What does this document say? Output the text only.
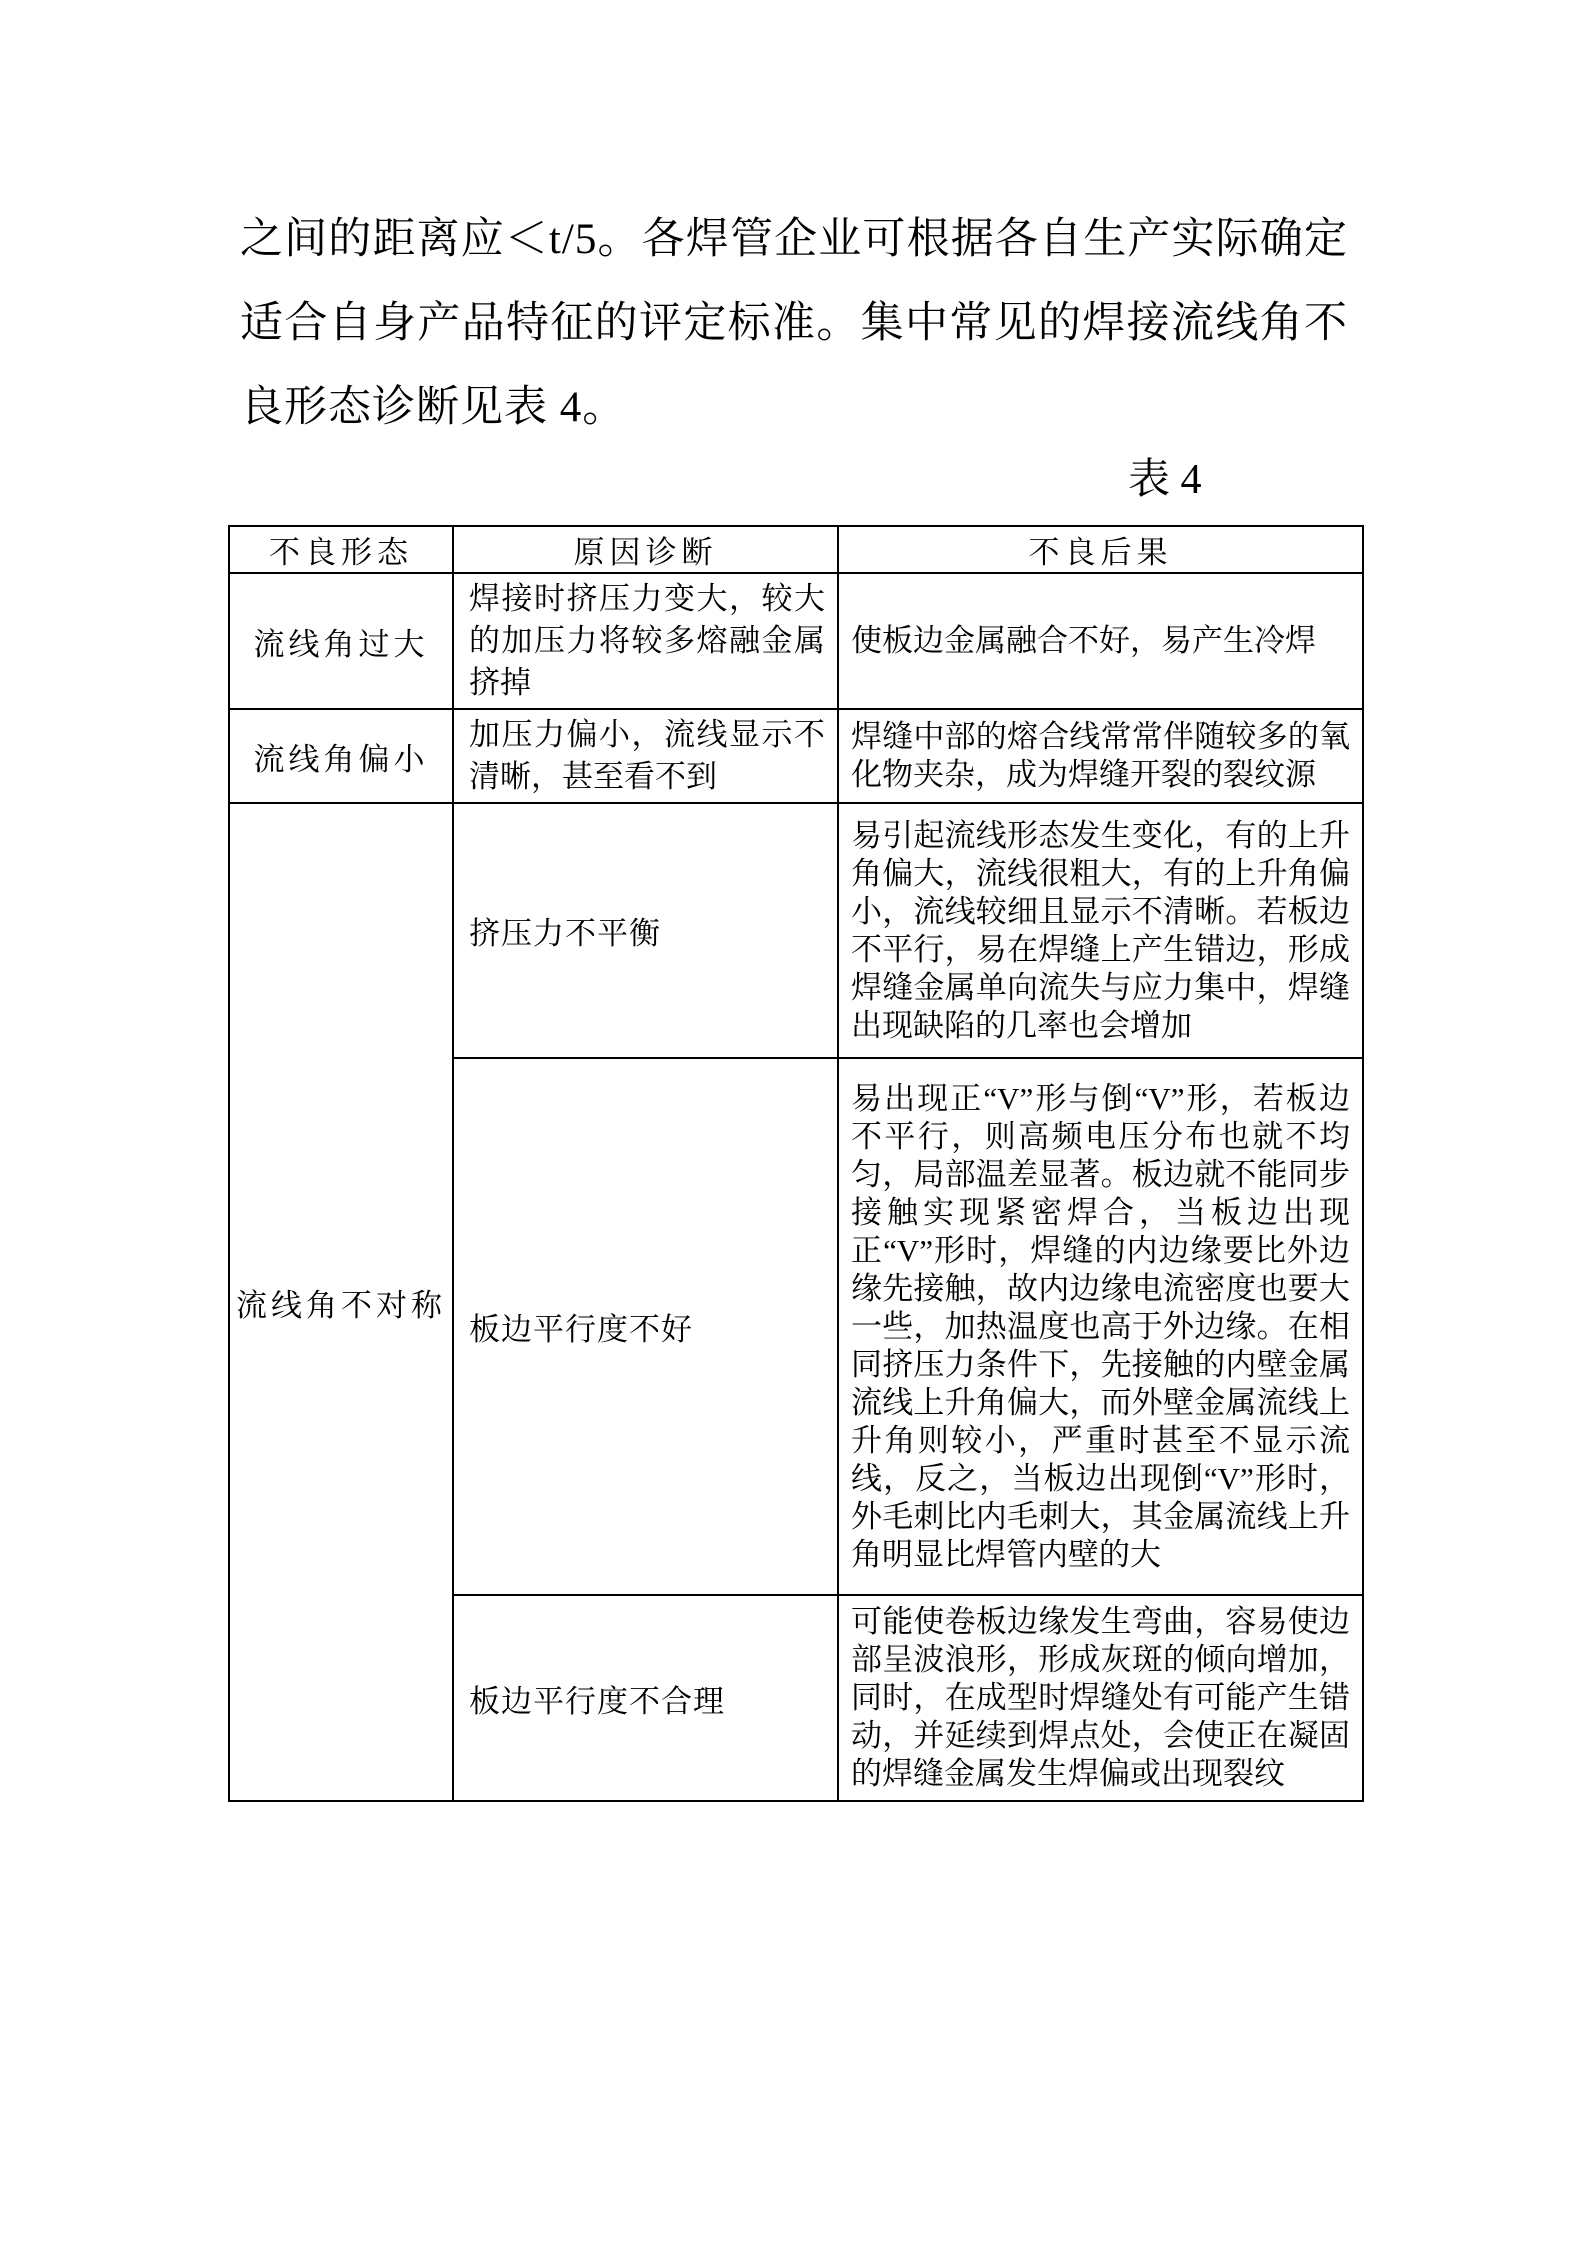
之间的距离应＜t/5。各焊管企业可根据各自生产实际确定适合自身产品特征的评定标准。集中常见的焊接流线角不良形态诊断见表 4。
表 4
不良形态	原因诊断	不良后果
流线角过大	焊接时挤压力变大，较大的加压力将较多熔融金属挤掉	使板边金属融合不好，易产生冷焊
流线角偏小	加压力偏小，流线显示不清晰，甚至看不到	焊缝中部的熔合线常常伴随较多的氧化物夹杂，成为焊缝开裂的裂纹源
流线角不对称	挤压力不平衡	易引起流线形态发生变化，有的上升角偏大，流线很粗大，有的上升角偏小，流线较细且显示不清晰。若板边不平行，易在焊缝上产生错边，形成焊缝金属单向流失与应力集中，焊缝出现缺陷的几率也会增加
	板边平行度不好	易出现正“V”形与倒“V”形，若板边不平行，则高频电压分布也就不均匀，局部温差显著。板边就不能同步接触实现紧密焊合，当板边出现正“V”形时，焊缝的内边缘要比外边缘先接触，故内边缘电流密度也要大一些，加热温度也高于外边缘。在相同挤压力条件下，先接触的内壁金属流线上升角偏大，而外壁金属流线上升角则较小，严重时甚至不显示流线，反之，当板边出现倒“V”形时，外毛刺比内毛刺大，其金属流线上升角明显比焊管内壁的大
	板边平行度不合理	可能使卷板边缘发生弯曲，容易使边部呈波浪形，形成灰斑的倾向增加，同时，在成型时焊缝处有可能产生错动，并延续到焊点处，会使正在凝固的焊缝金属发生焊偏或出现裂纹
